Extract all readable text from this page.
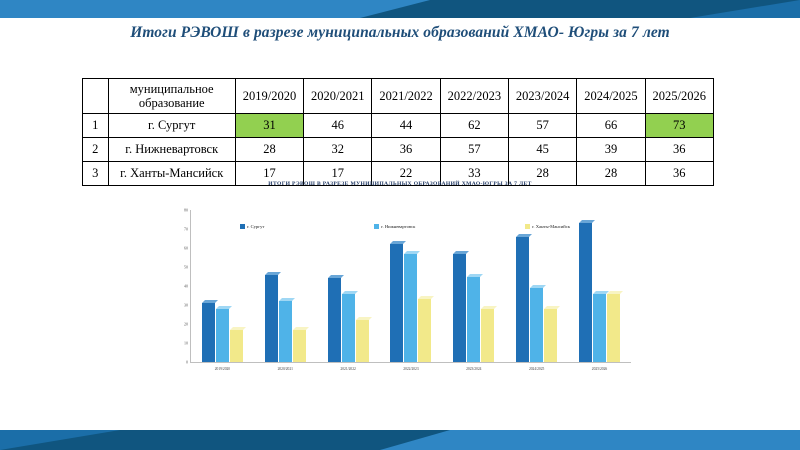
Итоги РЭВОШ в разрезе муниципальных образований ХМАО- Югры за 7 лет
	муниципальное образование	2019/2020	2020/2021	2021/2022	2022/2023	2023/2024	2024/2025	2025/2026
1	г. Сургут	31	46	44	62	57	66	73
2	г. Нижневартовск	28	32	36	57	45	39	36
3	г. Ханты-Мансийск	17	17	22	33	28	28	36
ИТОГИ РЭВОШ В РАЗРЕЗЕ МУНИЦИПАЛЬНЫХ ОБРАЗОВАНИЙ ХМАО-ЮГРЫ ЗА 7 ЛЕТ
г. Сургут	г. Нижневартовск	г. Ханты-Мансийск
0
10
20
30
40
50
60
70
80
2019/2020	2020/2021	2021/2022	2022/2023	2023/2024	2024/2025	2025/2026
